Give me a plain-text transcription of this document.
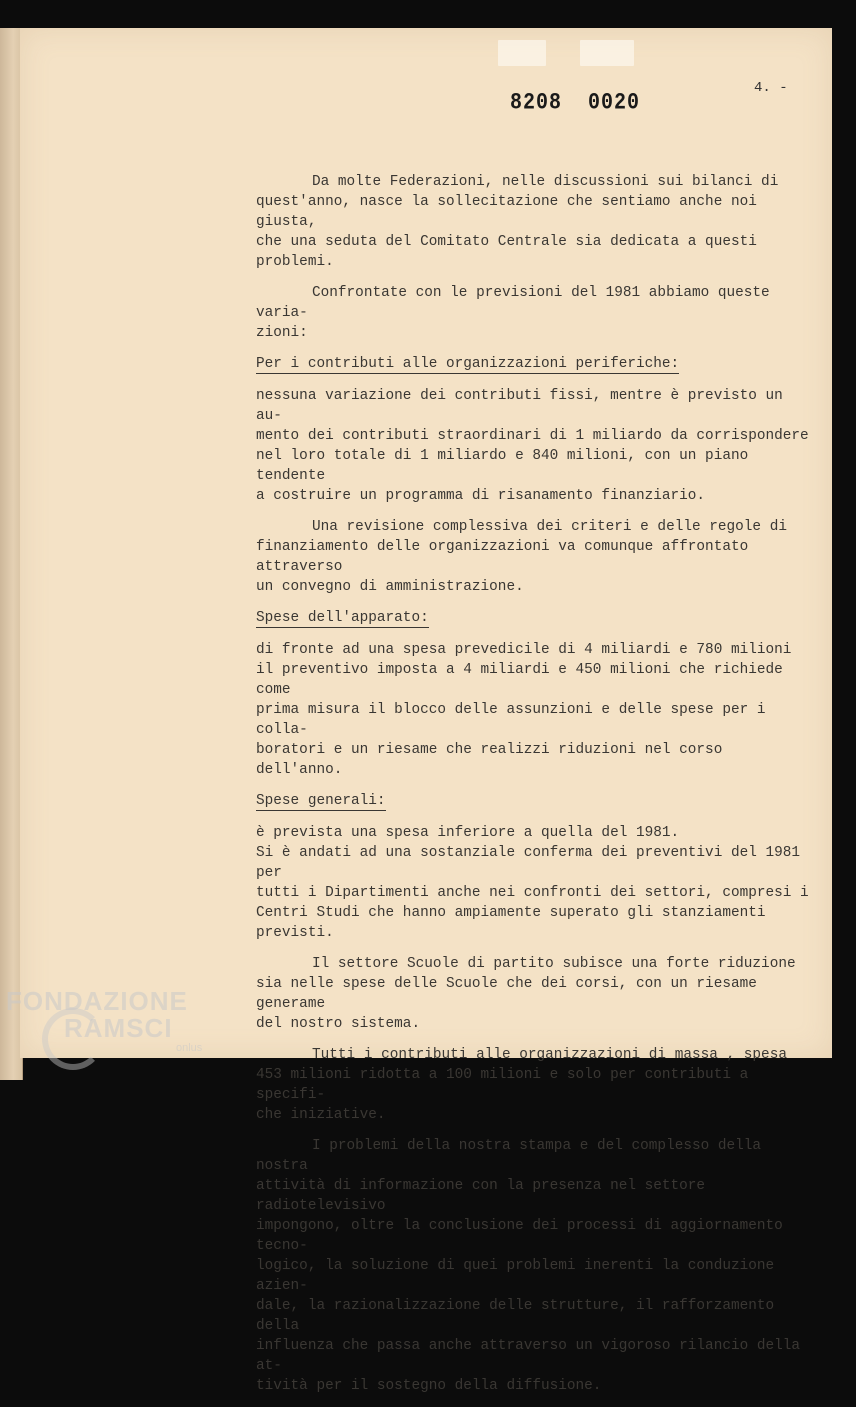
4. -
8208 0020

Da molte Federazioni, nelle discussioni sui bilanci di
quest'anno, nasce la sollecitazione che sentiamo anche noi giusta,
che una seduta del Comitato Centrale sia dedicata a questi problemi.

Confrontate con le previsioni del 1981 abbiamo queste varia-
zioni:

Per i contributi alle organizzazioni periferiche:

nessuna variazione dei contributi fissi, mentre è previsto un au-
mento dei contributi straordinari di 1 miliardo da corrispondere
nel loro totale di 1 miliardo e 840 milioni, con un piano tendente
a costruire un programma di risanamento finanziario.

Una revisione complessiva dei criteri e delle regole di
finanziamento delle organizzazioni va comunque affrontato attraverso
un convegno di amministrazione.

Spese dell'apparato:

di fronte ad una spesa prevedicile di 4 miliardi e 780 milioni
il preventivo imposta a 4 miliardi e 450 milioni che richiede come
prima misura il blocco delle assunzioni e delle spese per i colla-
boratori e un riesame che realizzi riduzioni nel corso dell'anno.

Spese generali:

è prevista una spesa inferiore a quella del 1981.
Si è andati ad una sostanziale conferma dei preventivi del 1981 per
tutti i Dipartimenti anche nei confronti dei settori, compresi i
Centri Studi che hanno ampiamente superato gli stanziamenti previsti.

Il settore Scuole di partito subisce una forte riduzione
sia nelle spese delle Scuole che dei corsi, con un riesame generame
del nostro sistema.

Tutti i contributi alle organizzazioni di massa , spesa
453 milioni ridotta a 100 milioni e solo per contributi a specifi-
che iniziative.

I problemi della nostra stampa e del complesso della nostra
attività di informazione con la presenza nel settore radiotelevisivo
impongono, oltre la conclusione dei processi di aggiornamento tecno-
logico, la soluzione di quei problemi inerenti la conduzione azien-
dale, la razionalizzazione delle strutture, il rafforzamento della
influenza che passa anche attraverso un vigoroso rilancio della at-
tività per il sostegno della diffusione.

FONDAZIONE
RAMSCI
onlus
